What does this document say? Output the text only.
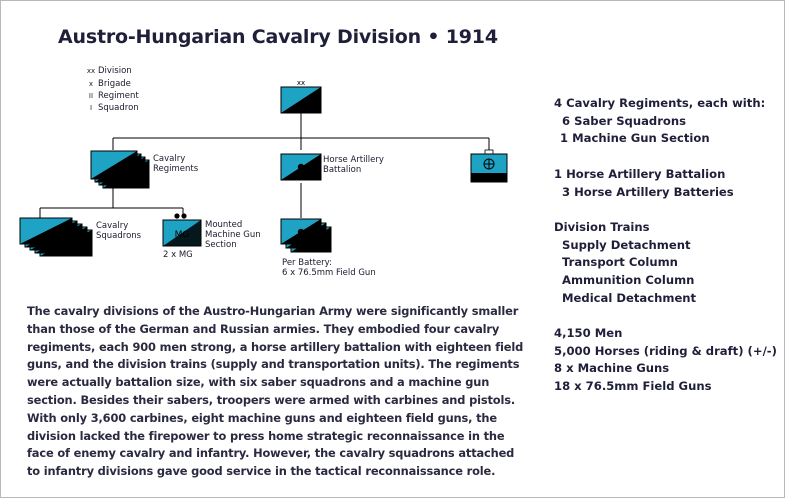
Austro-Hungarian Cavalry Division • 1914
xx Division
x Brigade
II Regiment
I Squadron
xx
MG
Cavalry
Regiments
Horse Artillery
Battalion
Cavalry
Squadrons
Mounted
Machine Gun
Section
2 x MG
Per Battery:
6 x 76.5mm Field Gun
The cavalry divisions of the Austro-Hungarian Army were significantly smaller
than those of the German and Russian armies. They embodied four cavalry
regiments, each 900 men strong, a horse artillery battalion with eighteen field
guns, and the division trains (supply and transportation units). The regiments
were actually battalion size, with six saber squadrons and a machine gun
section. Besides their sabers, troopers were armed with carbines and pistols.
With only 3,600 carbines, eight machine guns and eighteen field guns, the
division lacked the firepower to press home strategic reconnaissance in the
face of enemy cavalry and infantry. However, the cavalry squadrons attached
to infantry divisions gave good service in the tactical reconnaissance role.
4 Cavalry Regiments, each with:
6 Saber Squadrons
1 Machine Gun Section
1 Horse Artillery Battalion
3 Horse Artillery Batteries
Division Trains
Supply Detachment
Transport Column
Ammunition Column
Medical Detachment
4,150 Men
5,000 Horses (riding & draft) (+/-)
8 x Machine Guns
18 x 76.5mm Field Guns
